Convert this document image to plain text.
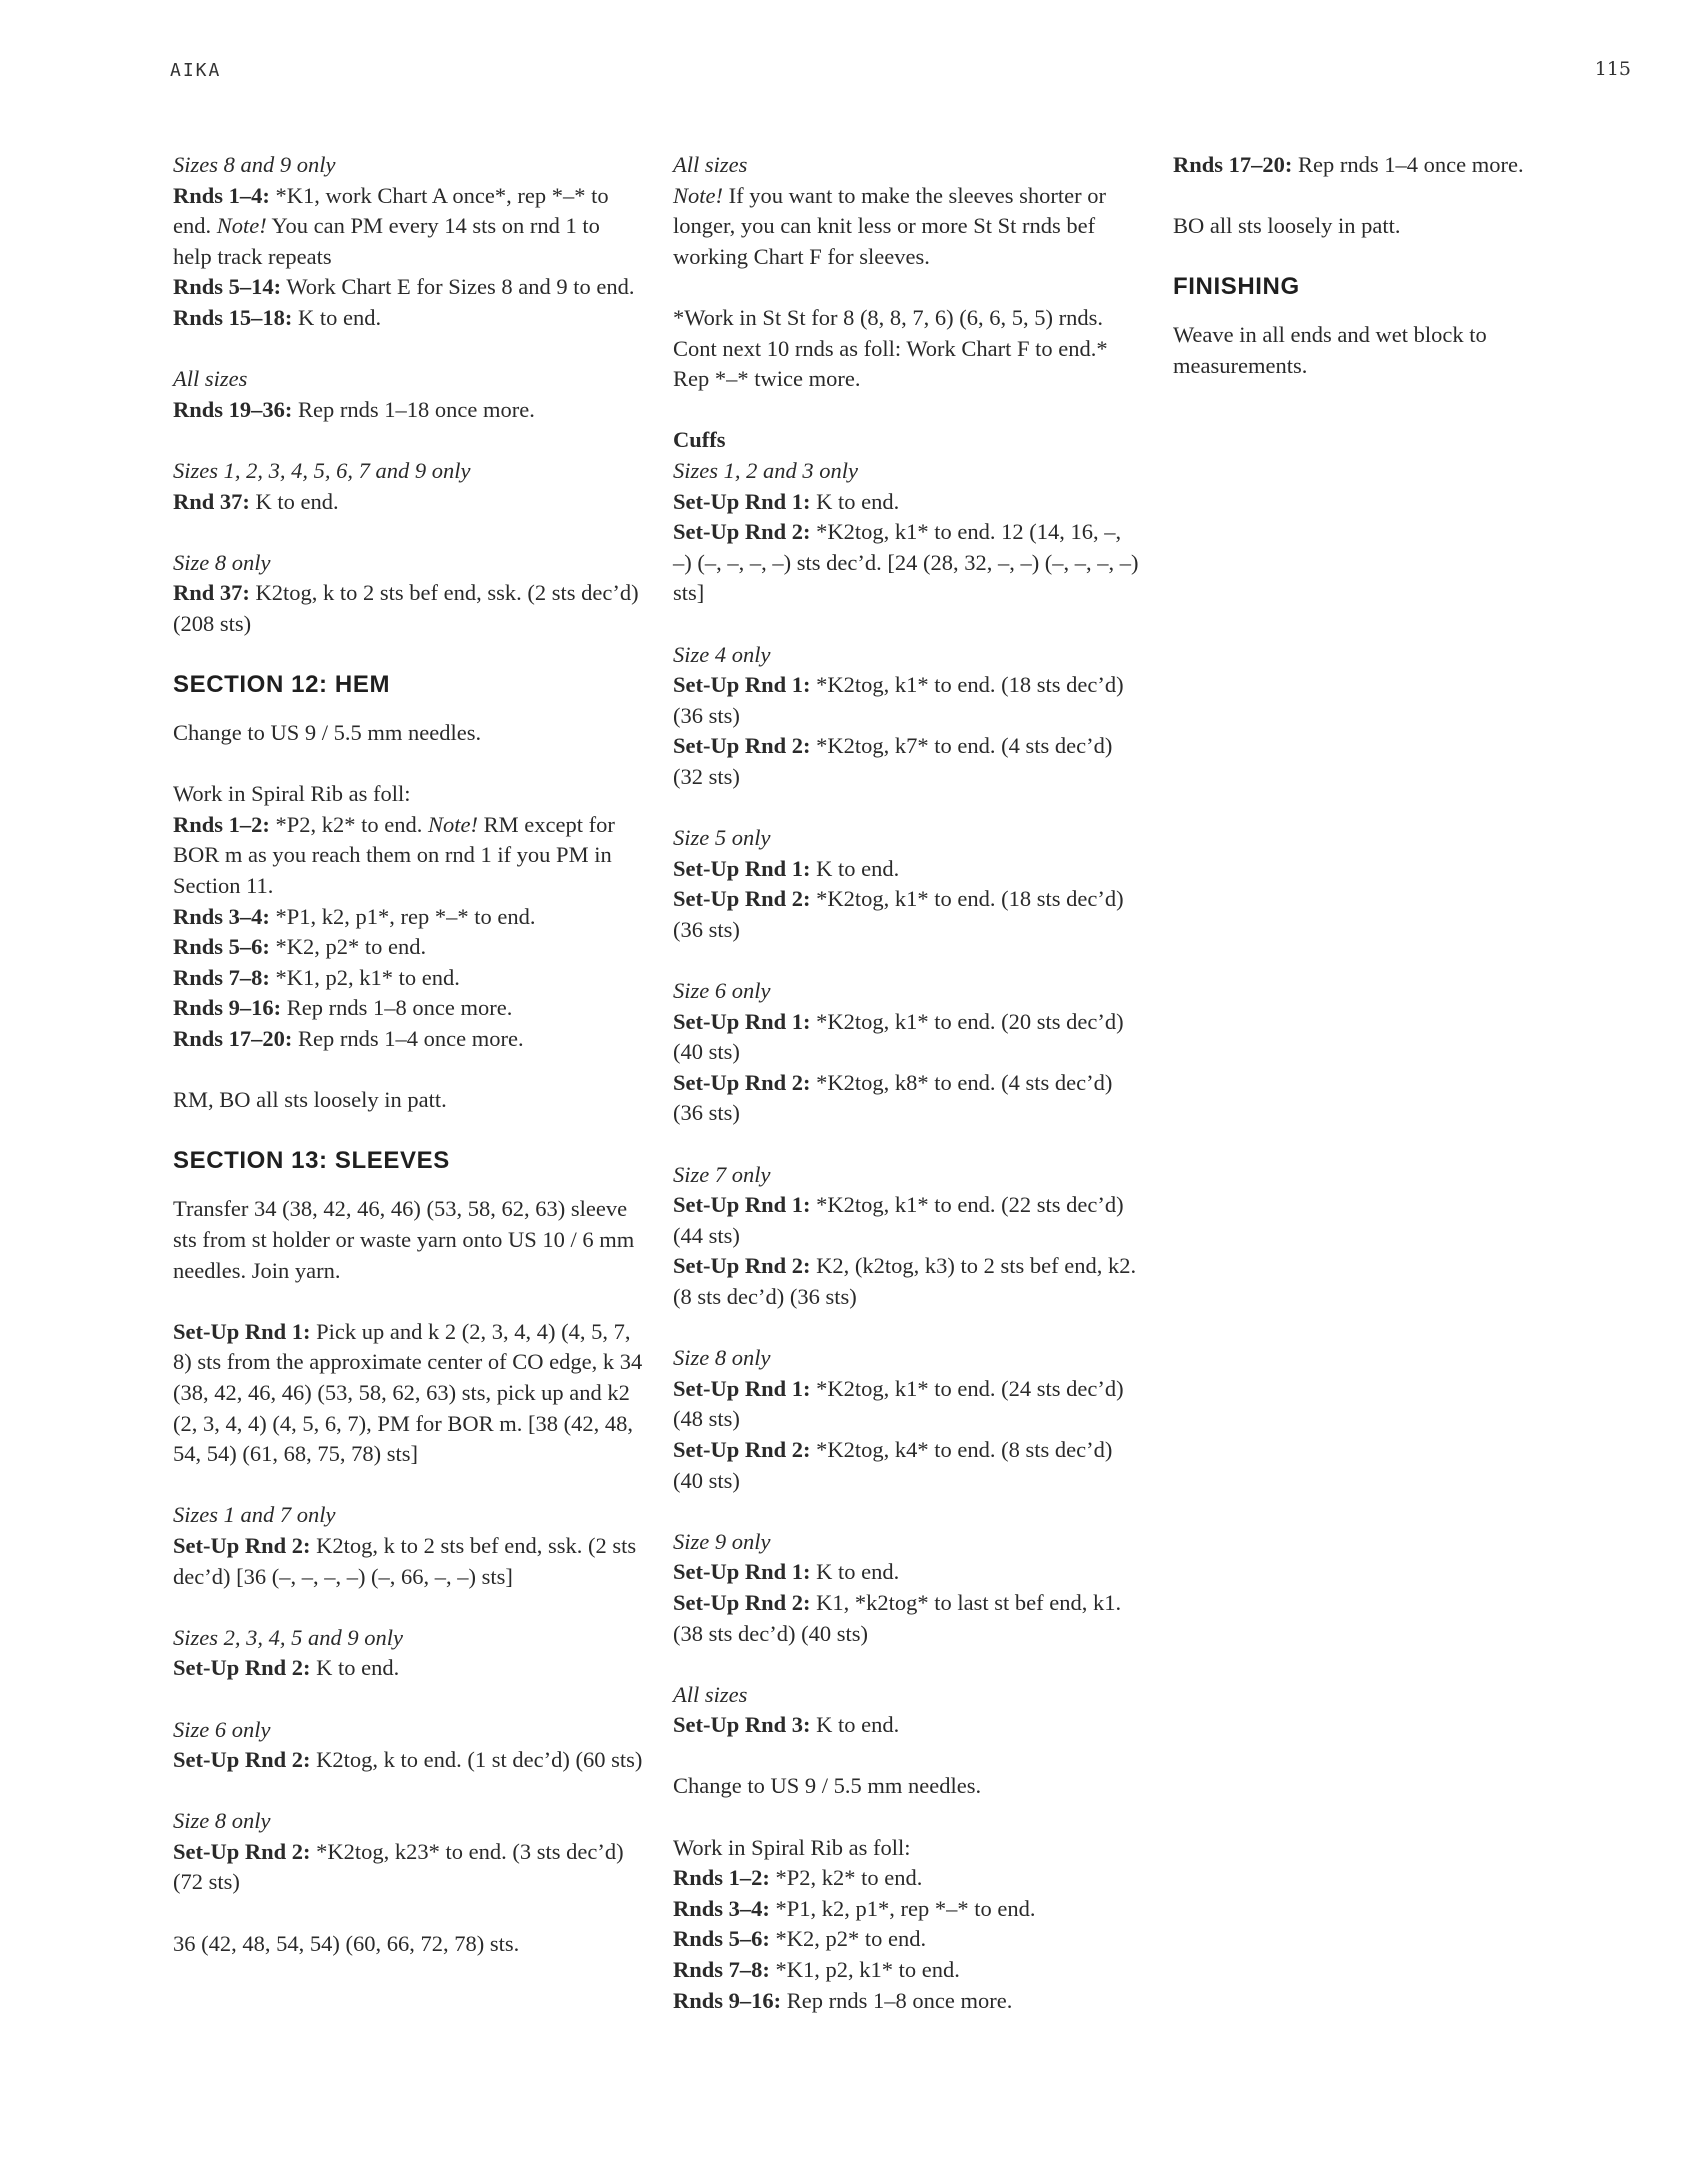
AIKA	115

Sizes 8 and 9 only
Rnds 1–4: *K1, work Chart A once*, rep *–* to end. Note! You can PM every 14 sts on rnd 1 to help track repeats
Rnds 5–14: Work Chart E for Sizes 8 and 9 to end.
Rnds 15–18: K to end.

All sizes
Rnds 19–36: Rep rnds 1–18 once more.

Sizes 1, 2, 3, 4, 5, 6, 7 and 9 only
Rnd 37: K to end.

Size 8 only
Rnd 37: K2tog, k to 2 sts bef end, ssk. (2 sts dec’d) (208 sts)

SECTION 12: HEM

Change to US 9 / 5.5 mm needles.

Work in Spiral Rib as foll:
Rnds 1–2: *P2, k2* to end. Note! RM except for BOR m as you reach them on rnd 1 if you PM in Section 11.
Rnds 3–4: *P1, k2, p1*, rep *–* to end.
Rnds 5–6: *K2, p2* to end.
Rnds 7–8: *K1, p2, k1* to end.
Rnds 9–16: Rep rnds 1–8 once more.
Rnds 17–20: Rep rnds 1–4 once more.

RM, BO all sts loosely in patt.

SECTION 13: SLEEVES

Transfer 34 (38, 42, 46, 46) (53, 58, 62, 63) sleeve sts from st holder or waste yarn onto US 10 / 6 mm needles. Join yarn.

Set-Up Rnd 1: Pick up and k 2 (2, 3, 4, 4) (4, 5, 7, 8) sts from the approximate center of CO edge, k 34 (38, 42, 46, 46) (53, 58, 62, 63) sts, pick up and k2 (2, 3, 4, 4) (4, 5, 6, 7), PM for BOR m. [38 (42, 48, 54, 54) (61, 68, 75, 78) sts]

Sizes 1 and 7 only
Set-Up Rnd 2: K2tog, k to 2 sts bef end, ssk. (2 sts dec’d) [36 (–, –, –, –) (–, 66, –, –) sts]

Sizes 2, 3, 4, 5 and 9 only
Set-Up Rnd 2: K to end.

Size 6 only
Set-Up Rnd 2: K2tog, k to end. (1 st dec’d) (60 sts)

Size 8 only
Set-Up Rnd 2: *K2tog, k23* to end. (3 sts dec’d) (72 sts)

36 (42, 48, 54, 54) (60, 66, 72, 78) sts.

All sizes
Note! If you want to make the sleeves shorter or longer, you can knit less or more St St rnds bef working Chart F for sleeves.

*Work in St St for 8 (8, 8, 7, 6) (6, 6, 5, 5) rnds.
Cont next 10 rnds as foll: Work Chart F to end.*
Rep *–* twice more.

Cuffs
Sizes 1, 2 and 3 only
Set-Up Rnd 1: K to end.
Set-Up Rnd 2: *K2tog, k1* to end. 12 (14, 16, –, –) (–, –, –, –) sts dec’d. [24 (28, 32, –, –) (–, –, –, –) sts]

Size 4 only
Set-Up Rnd 1: *K2tog, k1* to end. (18 sts dec’d) (36 sts)
Set-Up Rnd 2: *K2tog, k7* to end. (4 sts dec’d) (32 sts)

Size 5 only
Set-Up Rnd 1: K to end.
Set-Up Rnd 2: *K2tog, k1* to end. (18 sts dec’d) (36 sts)

Size 6 only
Set-Up Rnd 1: *K2tog, k1* to end. (20 sts dec’d) (40 sts)
Set-Up Rnd 2: *K2tog, k8* to end. (4 sts dec’d) (36 sts)

Size 7 only
Set-Up Rnd 1: *K2tog, k1* to end. (22 sts dec’d) (44 sts)
Set-Up Rnd 2: K2, (k2tog, k3) to 2 sts bef end, k2. (8 sts dec’d) (36 sts)

Size 8 only
Set-Up Rnd 1: *K2tog, k1* to end. (24 sts dec’d) (48 sts)
Set-Up Rnd 2: *K2tog, k4* to end. (8 sts dec’d) (40 sts)

Size 9 only
Set-Up Rnd 1: K to end.
Set-Up Rnd 2: K1, *k2tog* to last st bef end, k1. (38 sts dec’d) (40 sts)

All sizes
Set-Up Rnd 3: K to end.

Change to US 9 / 5.5 mm needles.

Work in Spiral Rib as foll:
Rnds 1–2: *P2, k2* to end.
Rnds 3–4: *P1, k2, p1*, rep *–* to end.
Rnds 5–6: *K2, p2* to end.
Rnds 7–8: *K1, p2, k1* to end.
Rnds 9–16: Rep rnds 1–8 once more.

Rnds 17–20: Rep rnds 1–4 once more.

BO all sts loosely in patt.

FINISHING

Weave in all ends and wet block to measurements.
